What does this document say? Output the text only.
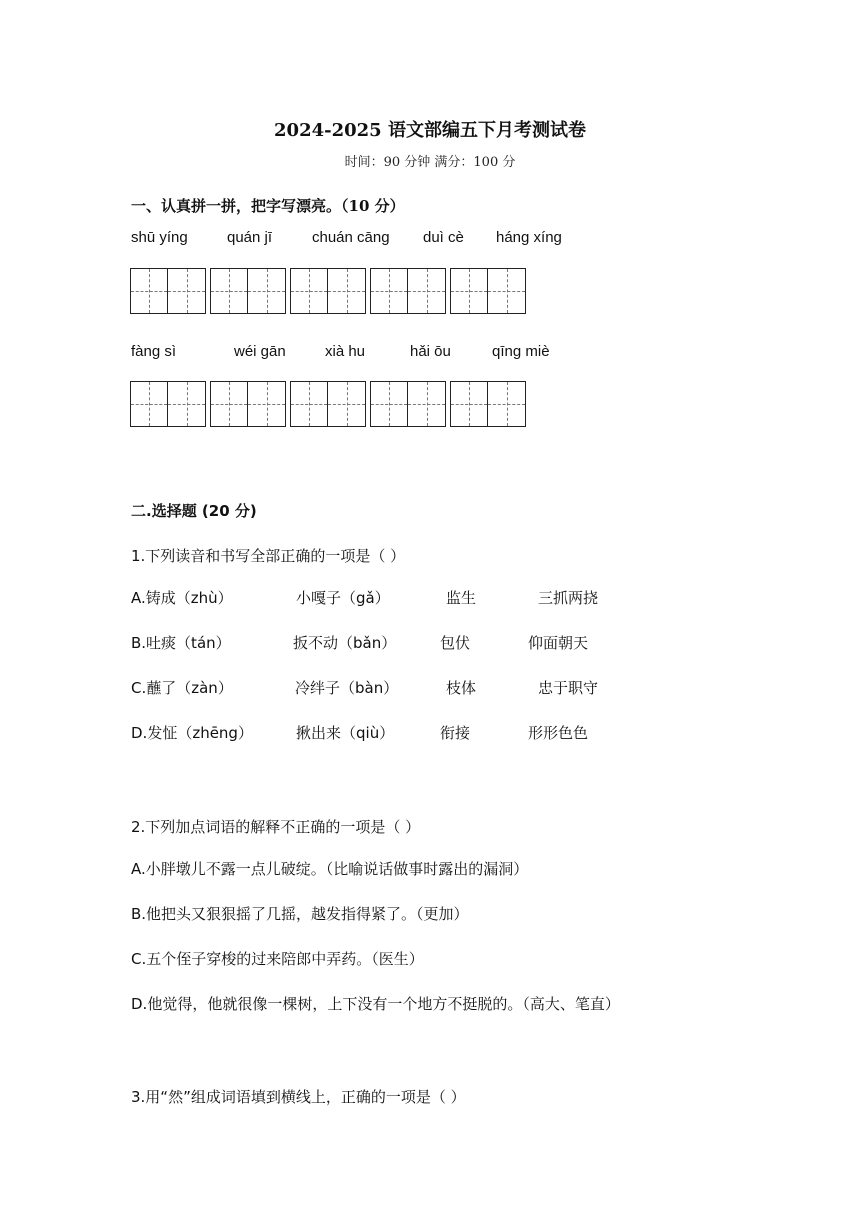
2024-2025 语文部编五下月考测试卷
时间：90 分钟 满分：100 分
一、认真拼一拼，把字写漂亮。（10 分）
shū yíng	quán jī	chuán cāng duì cè háng xíng
fàng sì	wéi gān	xià hu	hǎi ōu	qīng miè
二.选择题 (20 分)
1.下列读音和书写全部正确的一项是（ ）
A.铸成（zhù）	小嘎子（gǎ）	监生	三抓两挠
B.吐痰（tán）	扳不动（bǎn）	包伏	仰面朝天
C.蘸了（zàn）	冷绊子（bàn）	枝体	忠于职守
D.发怔（zhēng）	揪出来（qiù）	衔接	形形色色
2.下列加点词语的解释不正确的一项是（ ）
A.小胖墩儿不露一点儿破绽。（比喻说话做事时露出的漏洞）
B.他把头又狠狠摇了几摇，越发指得紧了。（更加）
C.五个侄子穿梭的过来陪郎中弄药。（医生）
D.他觉得，他就很像一棵树，上下没有一个地方不挺脱的。（高大、笔直）
3.用“然”组成词语填到横线上，正确的一项是（ ）
